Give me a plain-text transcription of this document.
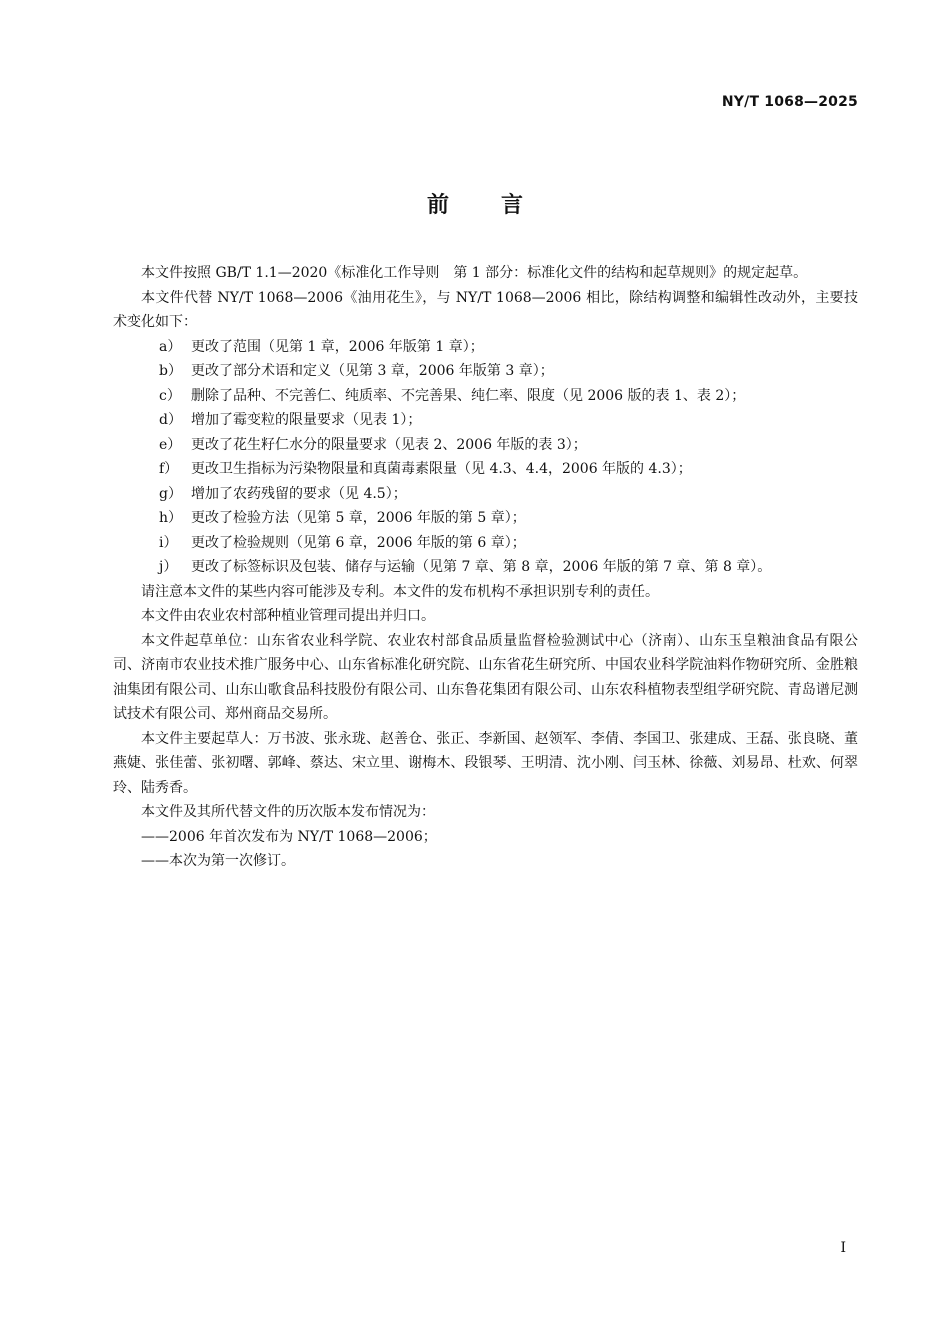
NY/T 1068—2025
前 言

本文件按照 GB/T 1.1—2020《标准化工作导则　第 1 部分：标准化文件的结构和起草规则》的规定起草。

本文件代替 NY/T 1068—2006《油用花生》，与 NY/T 1068—2006 相比，除结构调整和编辑性改动外，主要技术变化如下：

a） 更改了范围（见第 1 章，2006 年版第 1 章）；

b） 更改了部分术语和定义（见第 3 章，2006 年版第 3 章）；

c） 删除了品种、不完善仁、纯质率、不完善果、纯仁率、限度（见 2006 版的表 1、表 2）；

d） 增加了霉变粒的限量要求（见表 1）；

e） 更改了花生籽仁水分的限量要求（见表 2、2006 年版的表 3）；

f） 更改卫生指标为污染物限量和真菌毒素限量（见 4.3、4.4，2006 年版的 4.3）；

g） 增加了农药残留的要求（见 4.5）；

h） 更改了检验方法（见第 5 章，2006 年版的第 5 章）；

i） 更改了检验规则（见第 6 章，2006 年版的第 6 章）；

j） 更改了标签标识及包装、储存与运输（见第 7 章、第 8 章，2006 年版的第 7 章、第 8 章）。

请注意本文件的某些内容可能涉及专利。本文件的发布机构不承担识别专利的责任。

本文件由农业农村部种植业管理司提出并归口。

本文件起草单位：山东省农业科学院、农业农村部食品质量监督检验测试中心（济南）、山东玉皇粮油食品有限公司、济南市农业技术推广服务中心、山东省标准化研究院、山东省花生研究所、中国农业科学院油料作物研究所、金胜粮油集团有限公司、山东山歌食品科技股份有限公司、山东鲁花集团有限公司、山东农科植物表型组学研究院、青岛谱尼测试技术有限公司、郑州商品交易所。

本文件主要起草人：万书波、张永珑、赵善仓、张正、李新国、赵领军、李倩、李国卫、张建成、王磊、张良晓、董燕婕、张佳蕾、张初曙、郭峰、蔡达、宋立里、谢梅木、段银琴、王明清、沈小刚、闫玉林、徐薇、刘易昂、杜欢、何翠玲、陆秀香。

本文件及其所代替文件的历次版本发布情况为：

——2006 年首次发布为 NY/T 1068—2006；

——本次为第一次修订。

I
